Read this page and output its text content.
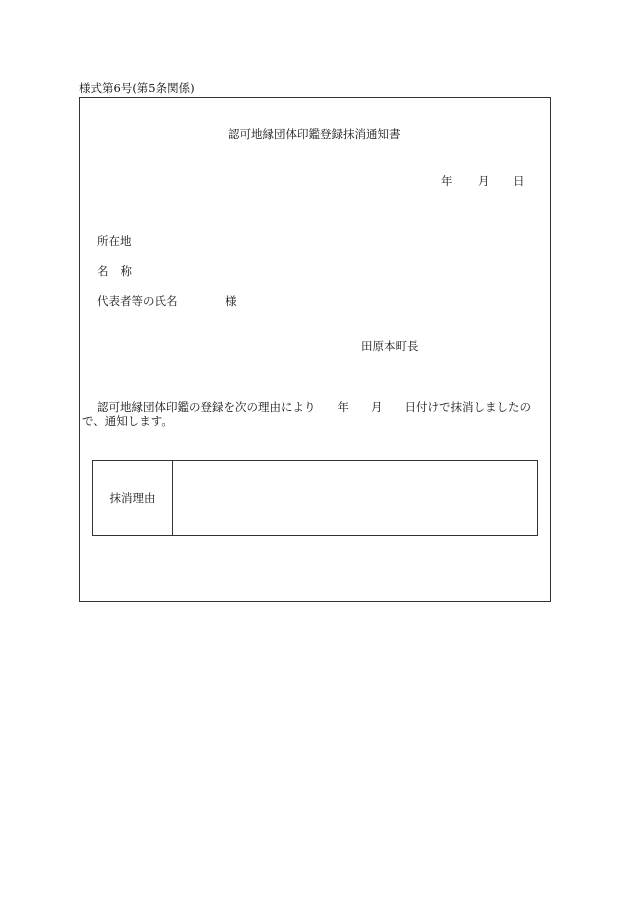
様式第6号(第5条関係)
認可地縁団体印鑑登録抹消通知書
年 月 日
所在地
名 称
代表者等の氏名	様
田原本町長
認可地縁団体印鑑の登録を次の理由により 年 月 日付けで抹消しましたの
で、通知します。
抹消理由
